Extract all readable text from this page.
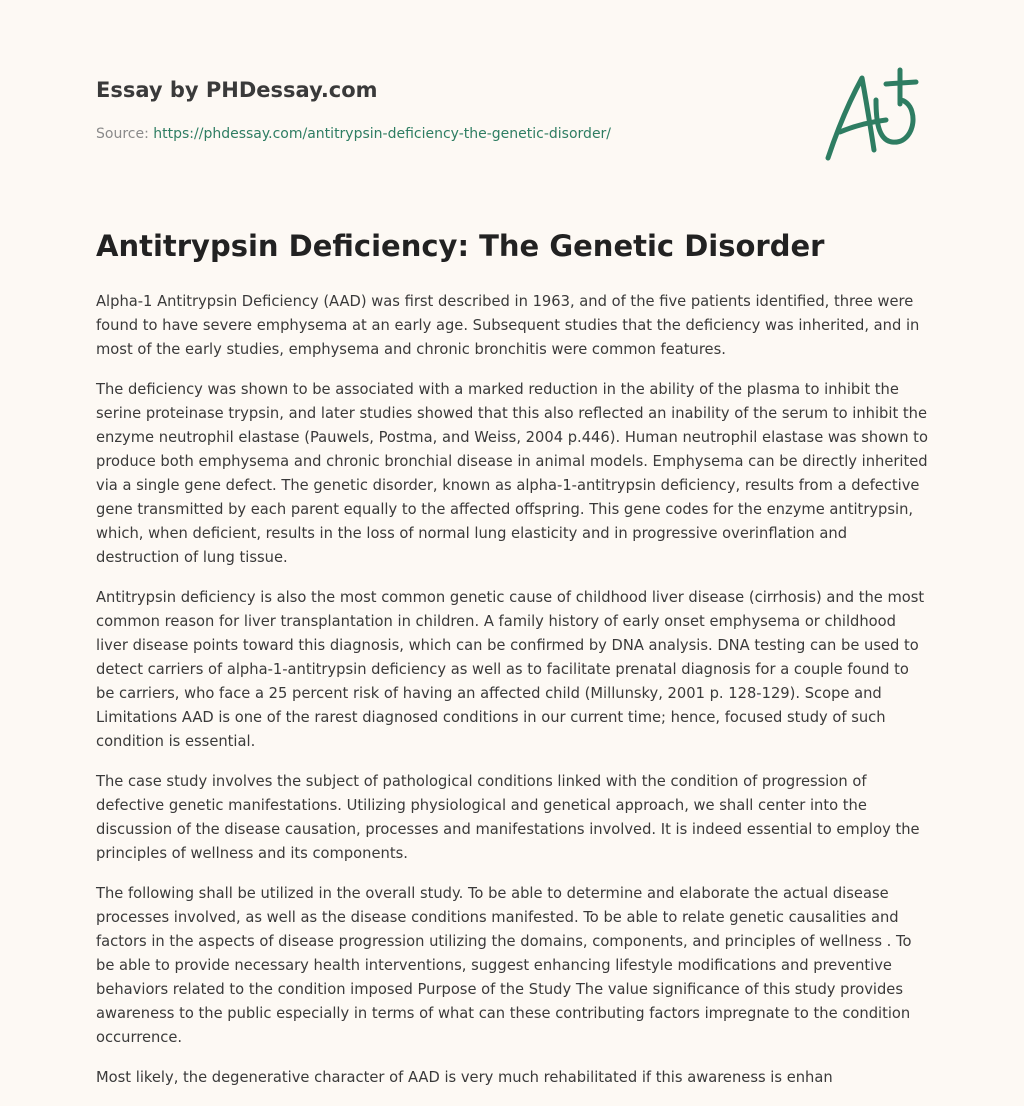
Essay by PHDessay.com
Source: https://phdessay.com/antitrypsin-deficiency-the-genetic-disorder/
Antitrypsin Deficiency: The Genetic Disorder

Alpha-1 Antitrypsin Deficiency (AAD) was first described in 1963, and of the five patients identified, three were found to have severe emphysema at an early age. Subsequent studies that the deficiency was inherited, and in most of the early studies, emphysema and chronic bronchitis were common features.

The deficiency was shown to be associated with a marked reduction in the ability of the plasma to inhibit the serine proteinase trypsin, and later studies showed that this also reflected an inability of the serum to inhibit the enzyme neutrophil elastase (Pauwels, Postma, and Weiss, 2004 p.446). Human neutrophil elastase was shown to produce both emphysema and chronic bronchial disease in animal models. Emphysema can be directly inherited via a single gene defect. The genetic disorder, known as alpha-1-antitrypsin deficiency, results from a defective gene transmitted by each parent equally to the affected offspring. This gene codes for the enzyme antitrypsin, which, when deficient, results in the loss of normal lung elasticity and in progressive overinflation and destruction of lung tissue.

Antitrypsin deficiency is also the most common genetic cause of childhood liver disease (cirrhosis) and the most common reason for liver transplantation in children. A family history of early onset emphysema or childhood liver disease points toward this diagnosis, which can be confirmed by DNA analysis. DNA testing can be used to detect carriers of alpha-1-antitrypsin deficiency as well as to facilitate prenatal diagnosis for a couple found to be carriers, who face a 25 percent risk of having an affected child (Millunsky, 2001 p. 128-129). Scope and Limitations AAD is one of the rarest diagnosed conditions in our current time; hence, focused study of such condition is essential.

The case study involves the subject of pathological conditions linked with the condition of progression of defective genetic manifestations. Utilizing physiological and genetical approach, we shall center into the discussion of the disease causation, processes and manifestations involved. It is indeed essential to employ the principles of wellness and its components.

The following shall be utilized in the overall study. To be able to determine and elaborate the actual disease processes involved, as well as the disease conditions manifested. To be able to relate genetic causalities and factors in the aspects of disease progression utilizing the domains, components, and principles of wellness . To be able to provide necessary health interventions, suggest enhancing lifestyle modifications and preventive behaviors related to the condition imposed Purpose of the Study The value significance of this study provides awareness to the public especially in terms of what can these contributing factors impregnate to the condition occurrence.

Most likely, the degenerative character of AAD is very much rehabilitated if this awareness is enhan
